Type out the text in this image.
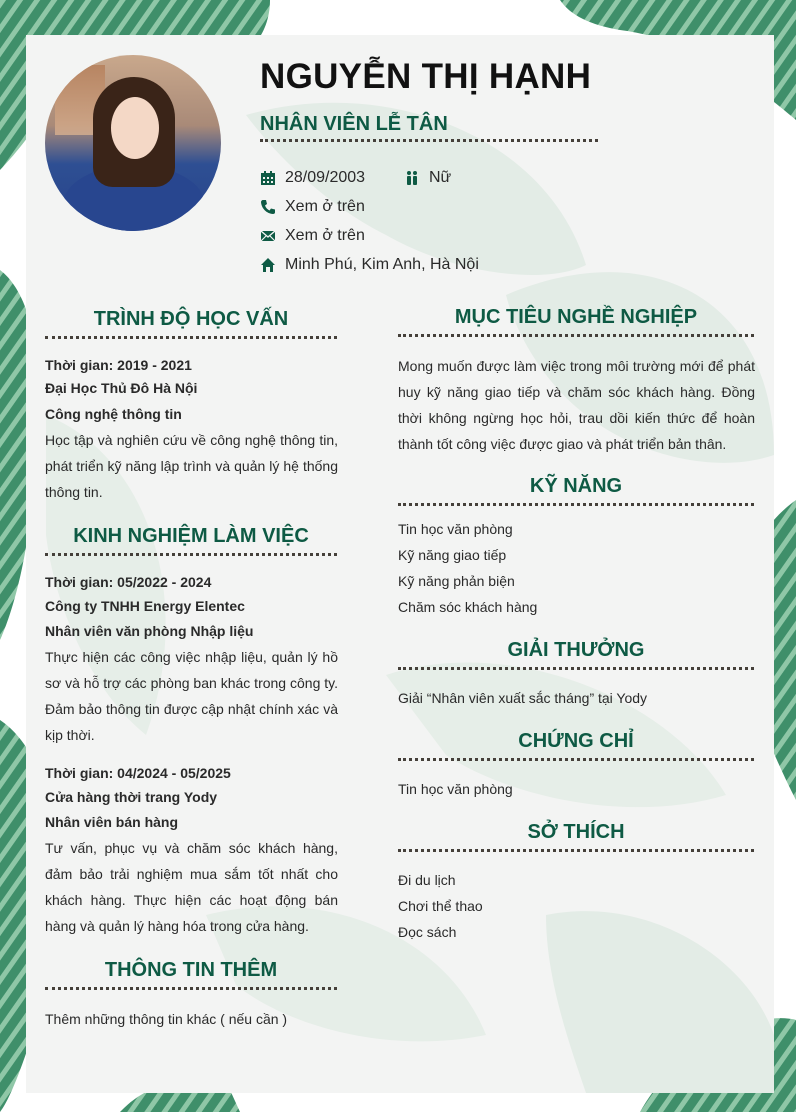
NGUYỄN THỊ HẠNH
NHÂN VIÊN LỄ TÂN
28/09/2003	Nữ
Xem ở trên
Xem ở trên
Minh Phú, Kim Anh, Hà Nội
TRÌNH ĐỘ HỌC VẤN
Thời gian: 2019 - 2021
Đại Học Thủ Đô Hà Nội
Công nghệ thông tin
Học tập và nghiên cứu về công nghệ thông tin, phát triển kỹ năng lập trình và quản lý hệ thống thông tin.
KINH NGHIỆM LÀM VIỆC
Thời gian: 05/2022 - 2024
Công ty TNHH Energy Elentec
Nhân viên văn phòng Nhập liệu
Thực hiện các công việc nhập liệu, quản lý hồ sơ và hỗ trợ các phòng ban khác trong công ty. Đảm bảo thông tin được cập nhật chính xác và kịp thời.
Thời gian: 04/2024 - 05/2025
Cửa hàng thời trang Yody
Nhân viên bán hàng
Tư vấn, phục vụ và chăm sóc khách hàng, đảm bảo trải nghiệm mua sắm tốt nhất cho khách hàng. Thực hiện các hoạt động bán hàng và quản lý hàng hóa trong cửa hàng.
THÔNG TIN THÊM
Thêm những thông tin khác ( nếu cần )
MỤC TIÊU NGHỀ NGHIỆP
Mong muốn được làm việc trong môi trường mới để phát huy kỹ năng giao tiếp và chăm sóc khách hàng. Đồng thời không ngừng học hỏi, trau dồi kiến thức để hoàn thành tốt công việc được giao và phát triển bản thân.
KỸ NĂNG
Tin học văn phòng
Kỹ năng giao tiếp
Kỹ năng phản biện
Chăm sóc khách hàng
GIẢI THƯỞNG
Giải “Nhân viên xuất sắc tháng” tại Yody
CHỨNG CHỈ
Tin học văn phòng
SỞ THÍCH
Đi du lịch
Chơi thể thao
Đọc sách
